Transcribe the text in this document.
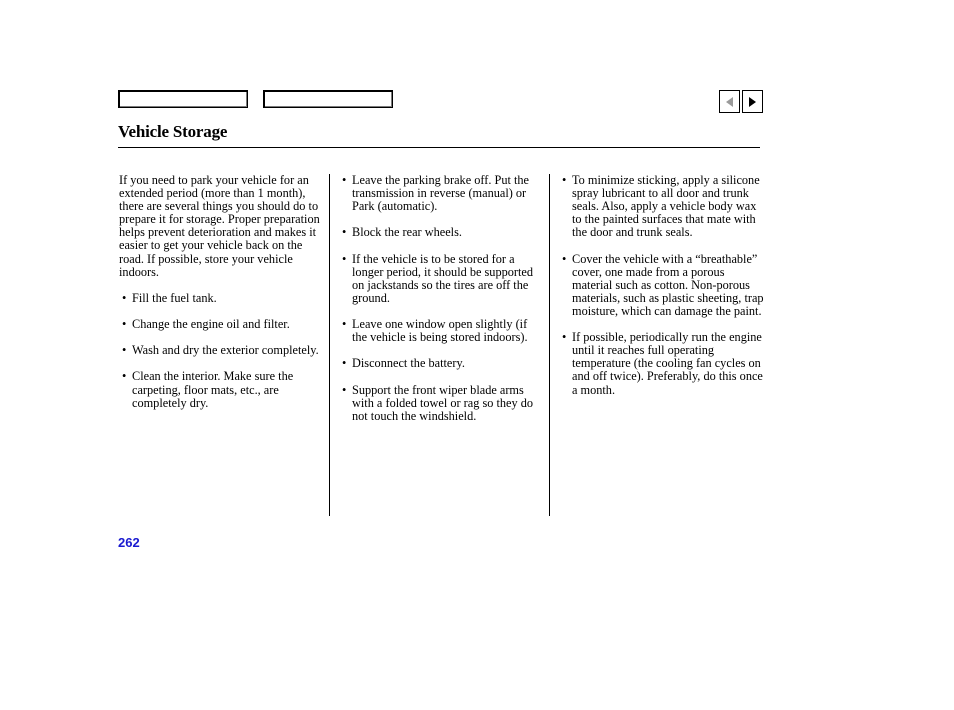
Vehicle Storage

If you need to park your vehicle for an extended period (more than 1 month), there are several things you should do to prepare it for storage. Proper preparation helps prevent deterioration and makes it easier to get your vehicle back on the road. If possible, store your vehicle indoors.

• Fill the fuel tank.
• Change the engine oil and filter.
• Wash and dry the exterior completely.
• Clean the interior. Make sure the carpeting, floor mats, etc., are completely dry.
• Leave the parking brake off. Put the transmission in reverse (manual) or Park (automatic).
• Block the rear wheels.
• If the vehicle is to be stored for a longer period, it should be supported on jackstands so the tires are off the ground.
• Leave one window open slightly (if the vehicle is being stored indoors).
• Disconnect the battery.
• Support the front wiper blade arms with a folded towel or rag so they do not touch the windshield.
• To minimize sticking, apply a silicone spray lubricant to all door and trunk seals. Also, apply a vehicle body wax to the painted surfaces that mate with the door and trunk seals.
• Cover the vehicle with a “breathable” cover, one made from a porous material such as cotton. Non-porous materials, such as plastic sheeting, trap moisture, which can damage the paint.
• If possible, periodically run the engine until it reaches full operating temperature (the cooling fan cycles on and off twice). Preferably, do this once a month.
262
